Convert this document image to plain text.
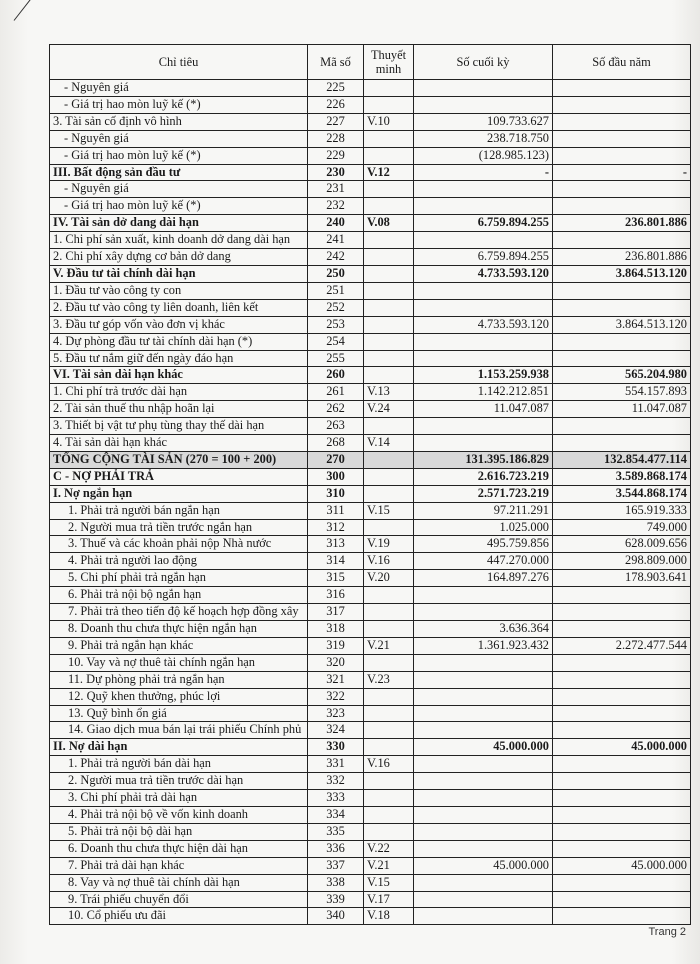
Chỉ tiêu	Mã số	Thuyết minh	Số cuối kỳ	Số đầu năm
- Nguyên giá	225			
- Giá trị hao mòn luỹ kế (*)	226			
3. Tài sản cố định vô hình	227	V.10	109.733.627	
- Nguyên giá	228		238.718.750	
- Giá trị hao mòn luỹ kế (*)	229		(128.985.123)	
III. Bất động sản đầu tư	230	V.12	-	-
- Nguyên giá	231			
- Giá trị hao mòn luỹ kế (*)	232			
IV. Tài sản dở dang dài hạn	240	V.08	6.759.894.255	236.801.886
1. Chi phí sản xuất, kinh doanh dở dang dài hạn	241			
2. Chi phí xây dựng cơ bản dở dang	242		6.759.894.255	236.801.886
V. Đầu tư tài chính dài hạn	250		4.733.593.120	3.864.513.120
1. Đầu tư vào công ty con	251			
2. Đầu tư vào công ty liên doanh, liên kết	252			
3. Đầu tư góp vốn vào đơn vị khác	253		4.733.593.120	3.864.513.120
4. Dự phòng đầu tư tài chính dài hạn (*)	254			
5. Đầu tư nắm giữ đến ngày đáo hạn	255			
VI. Tài sản dài hạn khác	260		1.153.259.938	565.204.980
1. Chi phí trả trước dài hạn	261	V.13	1.142.212.851	554.157.893
2. Tài sản thuế thu nhập hoãn lại	262	V.24	11.047.087	11.047.087
3. Thiết bị vật tư phụ tùng thay thế dài hạn	263			
4. Tài sản dài hạn khác	268	V.14		
TỔNG CỘNG TÀI SẢN (270 = 100 + 200)	270		131.395.186.829	132.854.477.114
C - NỢ PHẢI TRẢ	300		2.616.723.219	3.589.868.174
I. Nợ ngắn hạn	310		2.571.723.219	3.544.868.174
1. Phải trả người bán ngắn hạn	311	V.15	97.211.291	165.919.333
2. Người mua trả tiền trước ngắn hạn	312		1.025.000	749.000
3. Thuế và các khoản phải nộp Nhà nước	313	V.19	495.759.856	628.009.656
4. Phải trả người lao động	314	V.16	447.270.000	298.809.000
5. Chi phí phải trả ngắn hạn	315	V.20	164.897.276	178.903.641
6. Phải trả nội bộ ngắn hạn	316			
7. Phải trả theo tiến độ kế hoạch hợp đồng xây	317			
8. Doanh thu chưa thực hiện ngắn hạn	318		3.636.364	
9. Phải trả ngắn hạn khác	319	V.21	1.361.923.432	2.272.477.544
10. Vay và nợ thuê tài chính ngắn hạn	320			
11. Dự phòng phải trả ngắn hạn	321	V.23		
12. Quỹ khen thưởng, phúc lợi	322			
13. Quỹ bình ổn giá	323			
14. Giao dịch mua bán lại trái phiếu Chính phủ	324			
II. Nợ dài hạn	330		45.000.000	45.000.000
1. Phải trả người bán dài hạn	331	V.16		
2. Người mua trả tiền trước dài hạn	332			
3. Chi phí phải trả dài hạn	333			
4. Phải trả nội bộ về vốn kinh doanh	334			
5. Phải trả nội bộ dài hạn	335			
6. Doanh thu chưa thực hiện dài hạn	336	V.22		
7. Phải trả dài hạn khác	337	V.21	45.000.000	45.000.000
8. Vay và nợ thuê tài chính dài hạn	338	V.15		
9. Trái phiếu chuyển đổi	339	V.17		
10. Cổ phiếu ưu đãi	340	V.18		
Trang 2
